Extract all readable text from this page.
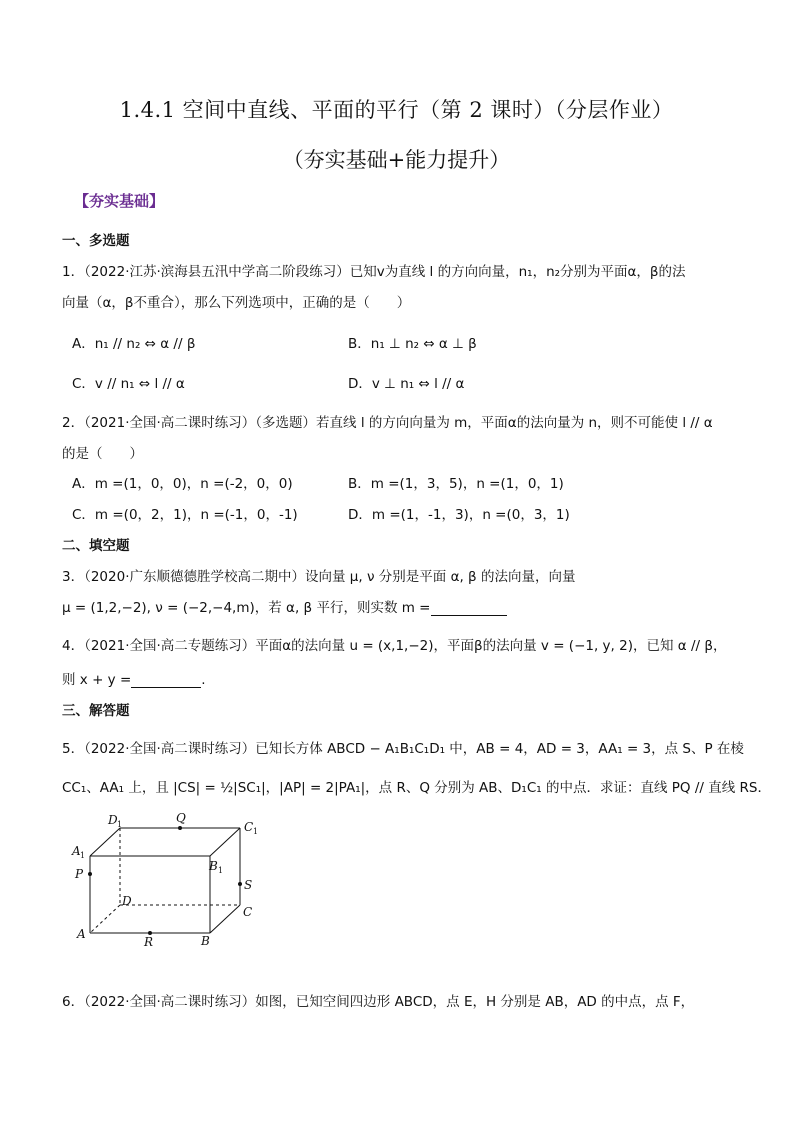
1.4.1 空间中直线、平面的平行（第 2 课时）（分层作业）
（夯实基础+能力提升）
【夯实基础】
一、多选题
1．（2022·江苏·滨海县五汛中学高二阶段练习）已知v为直线 l 的方向向量，n₁，n₂分别为平面α，β的法
向量（α，β不重合），那么下列选项中，正确的是（　　）
A．n₁ // n₂ ⇔ α // β	B．n₁ ⊥ n₂ ⇔ α ⊥ β
C．v // n₁ ⇔ l // α	D．v ⊥ n₁ ⇔ l // α
2．（2021·全国·高二课时练习）（多选题）若直线 l 的方向向量为 m，平面α的法向量为 n，则不可能使 l // α
的是（　　）
A．m =(1，0，0)，n =(-2，0，0)	B．m =(1，3，5)，n =(1，0，1)
C．m =(0，2，1)，n =(-1，0，-1)	D．m =(1，-1，3)，n =(0，3，1)
二、填空题
3．（2020·广东顺德德胜学校高二期中）设向量 μ, ν 分别是平面 α, β 的法向量，向量
μ = (1,2,−2), ν = (−2,−4,m)，若 α, β 平行，则实数 m =
4．（2021·全国·高二专题练习）平面α的法向量 u = (x,1,−2)，平面β的法向量 v = (−1, y, 2)，已知 α // β，
则 x + y =	.
三、解答题
5．（2022·全国·高二课时练习）已知长方体 ABCD − A₁B₁C₁D₁ 中，AB = 4，AD = 3，AA₁ = 3，点 S、P 在棱
CC₁、AA₁ 上，且 |CS| = ½|SC₁|，|AP| = 2|PA₁|，点 R、Q 分别为 AB、D₁C₁ 的中点．求证：直线 PQ // 直线 RS．
D 1	Q
C 1
A 1
B 1
P
S
D
C
A
R	B
6．（2022·全国·高二课时练习）如图，已知空间四边形 ABCD，点 E，H 分别是 AB，AD 的中点，点 F，
